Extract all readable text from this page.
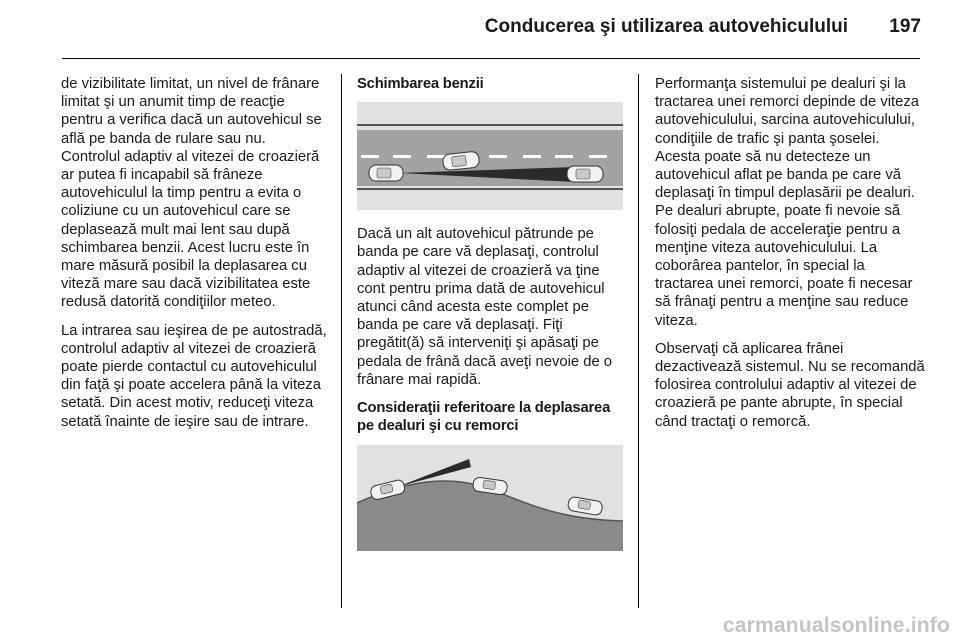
Conducerea şi utilizarea autovehiculului 197

de vizibilitate limitat, un nivel de frânare limitat şi un anumit timp de reacţie pentru a verifica dacă un autovehicul se află pe banda de rulare sau nu. Controlul adaptiv al vitezei de croazieră ar putea fi incapabil să frâneze autovehiculul la timp pentru a evita o coliziune cu un autovehicul care se deplasează mult mai lent sau după schimbarea benzii. Acest lucru este în mare măsură posibil la deplasarea cu viteză mare sau dacă vizibilitatea este redusă datorită condiţiilor meteo.

La intrarea sau ieşirea de pe autostradă, controlul adaptiv al vitezei de croazieră poate pierde contactul cu autovehiculul din faţă şi poate accelera până la viteza setată. Din acest motiv, reduceţi viteza setată înainte de ieşire sau de intrare.

Schimbarea benzii

Dacă un alt autovehicul pătrunde pe banda pe care vă deplasaţi, controlul adaptiv al vitezei de croazieră va ţine cont pentru prima dată de autovehicul atunci când acesta este complet pe banda pe care vă deplasaţi. Fiţi pregătit(ă) să interveniţi şi apăsaţi pe pedala de frână dacă aveţi nevoie de o frânare mai rapidă.

Consideraţii referitoare la deplasarea pe dealuri şi cu remorci

Performanţa sistemului pe dealuri şi la tractarea unei remorci depinde de viteza autovehiculului, sarcina autovehiculului, condiţiile de trafic şi panta şoselei. Acesta poate să nu detecteze un autovehicul aflat pe banda pe care vă deplasaţi în timpul deplasării pe dealuri. Pe dealuri abrupte, poate fi nevoie să folosiţi pedala de acceleraţie pentru a menţine viteza autovehiculului. La coborârea pantelor, în special la tractarea unei remorci, poate fi necesar să frânaţi pentru a menţine sau reduce viteza.

Observaţi că aplicarea frânei dezactivează sistemul. Nu se recomandă folosirea controlului adaptiv al vitezei de croazieră pe pante abrupte, în special când tractaţi o remorcă.

carmanualsonline.info
